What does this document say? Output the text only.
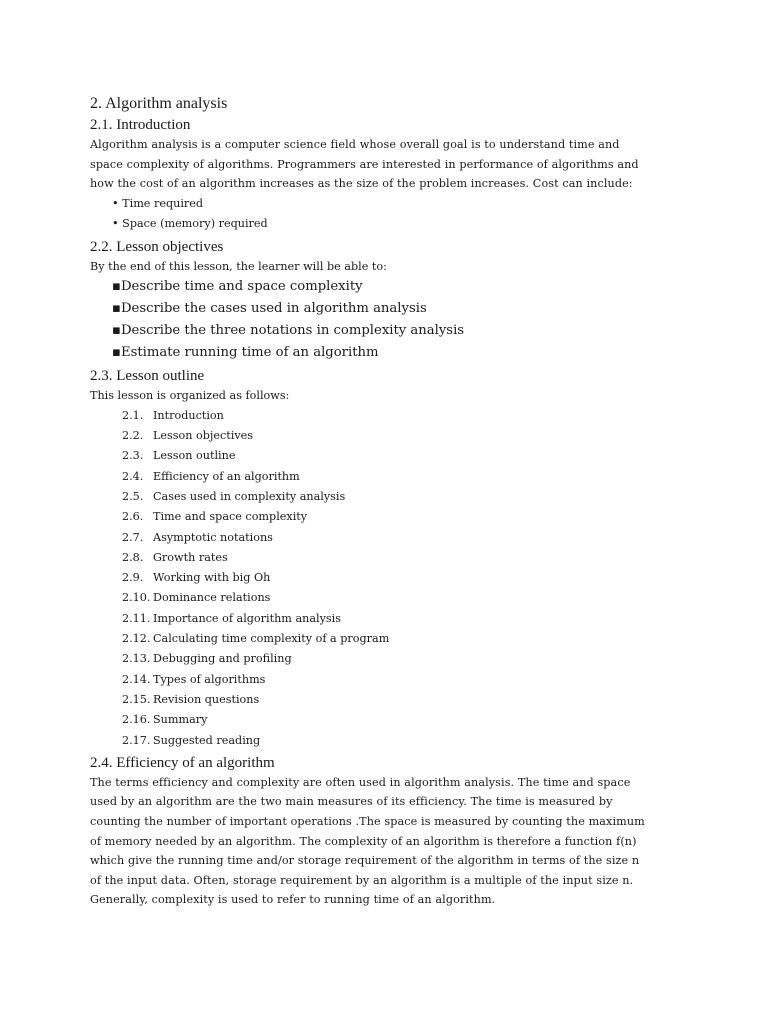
2. Algorithm analysis
2.1. Introduction

Algorithm analysis is a computer science field whose overall goal is to understand time and space complexity of algorithms. Programmers are interested in performance of algorithms and how the cost of an algorithm increases as the size of the problem increases. Cost can include:

• Time required
• Space (memory) required
2.2. Lesson objectives
By the end of this lesson, the learner will be able to:
▪Describe time and space complexity
▪Describe the cases used in algorithm analysis
▪Describe the three notations in complexity analysis
▪Estimate running time of an algorithm
2.3. Lesson outline
This lesson is organized as follows:
2.1. Introduction
2.2. Lesson objectives
2.3. Lesson outline
2.4. Efficiency of an algorithm
2.5. Cases used in complexity analysis
2.6. Time and space complexity
2.7. Asymptotic notations
2.8. Growth rates
2.9. Working with big Oh
2.10. Dominance relations
2.11. Importance of algorithm analysis
2.12. Calculating time complexity of a program
2.13. Debugging and profiling
2.14. Types of algorithms
2.15. Revision questions
2.16. Summary
2.17. Suggested reading
2.4. Efficiency of an algorithm

The terms efficiency and complexity are often used in algorithm analysis. The time and space used by an algorithm are the two main measures of its efficiency. The time is measured by counting the number of important operations .The space is measured by counting the maximum of memory needed by an algorithm. The complexity of an algorithm is therefore a function f(n) which give the running time and/or storage requirement of the algorithm in terms of the size n of the input data. Often, storage requirement by an algorithm is a multiple of the input size n. Generally, complexity is used to refer to running time of an algorithm.
